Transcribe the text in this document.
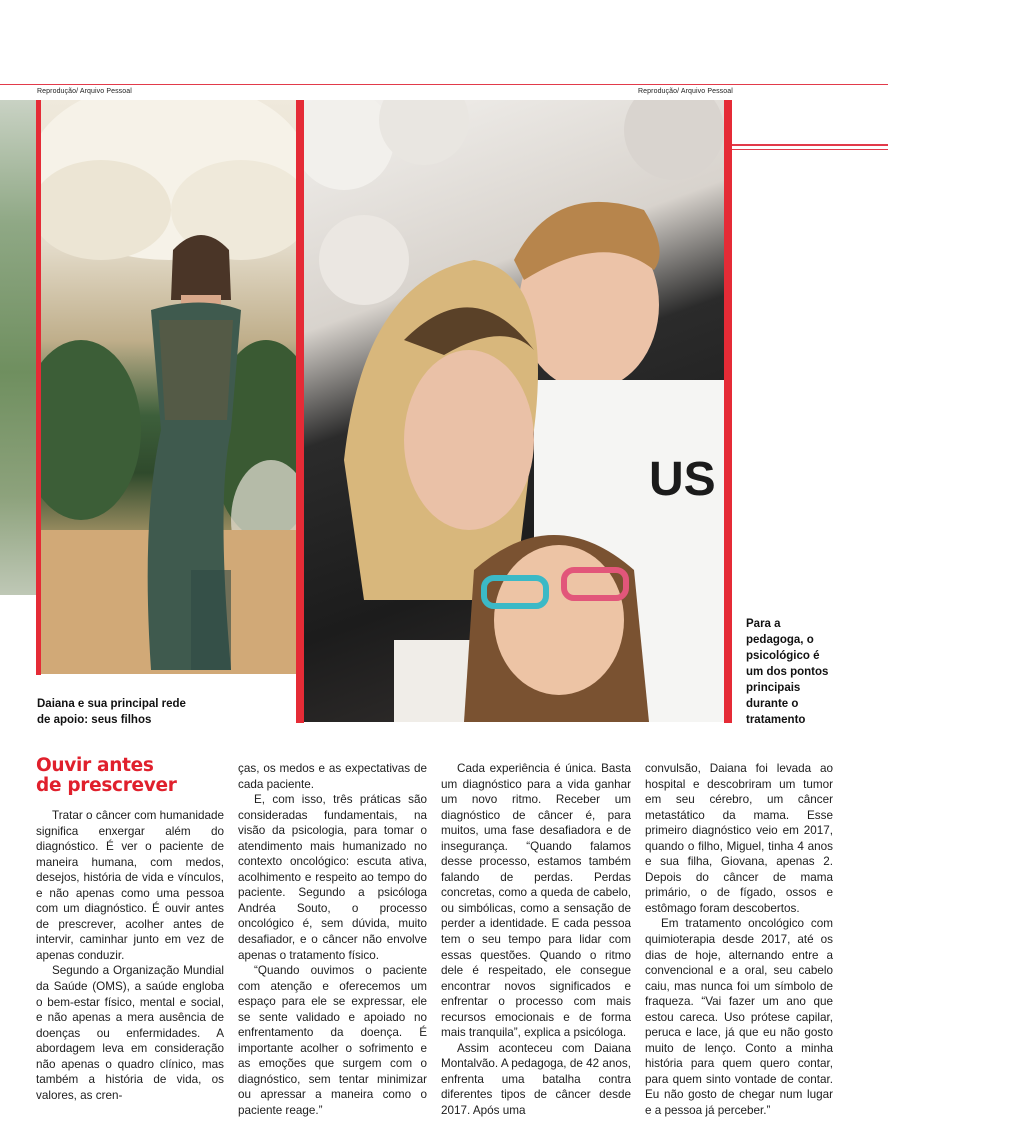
Reprodução/ Arquivo Pessoal	Reprodução/ Arquivo Pessoal
US
Daiana e sua principal rede
de apoio: seus filhos
Para a
pedagoga, o
psicológico é
um dos pontos
principais
durante o
tratamento
Ouvir antes
de prescrever

Tratar o câncer com humanidade significa enxergar além do diagnóstico. É ver o paciente de maneira humana, com medos, desejos, história de vida e vínculos, e não apenas como uma pessoa com um diagnóstico. É ouvir antes de prescrever, acolher antes de intervir, caminhar junto em vez de apenas conduzir.

Segundo a Organização Mundial da Saúde (OMS), a saúde engloba o bem-estar físico, mental e social, e não apenas a mera ausência de doenças ou enfermidades. A abordagem leva em consideração não apenas o quadro clínico, mas também a história de vida, os valores, as cren-

ças, os medos e as expectativas de cada paciente.

E, com isso, três práticas são consideradas fundamentais, na visão da psicologia, para tomar o atendimento mais humanizado no contexto oncológico: escuta ativa, acolhimento e respeito ao tempo do paciente. Segundo a psicóloga Andréa Souto, o processo oncológico é, sem dúvida, muito desafiador, e o câncer não envolve apenas o tratamento físico.

“Quando ouvimos o paciente com atenção e oferecemos um espaço para ele se expressar, ele se sente validado e apoiado no enfrentamento da doença. É importante acolher o sofrimento e as emoções que surgem com o diagnóstico, sem tentar minimizar ou apressar a maneira como o paciente reage.”

Cada experiência é única. Basta um diagnóstico para a vida ganhar um novo ritmo. Receber um diagnóstico de câncer é, para muitos, uma fase desafiadora e de insegurança. “Quando falamos desse processo, estamos também falando de perdas. Perdas concretas, como a queda de cabelo, ou simbólicas, como a sensação de perder a identidade. E cada pessoa tem o seu tempo para lidar com essas questões. Quando o ritmo dele é respeitado, ele consegue encontrar novos significados e enfrentar o processo com mais recursos emocionais e de forma mais tranquila”, explica a psicóloga.

Assim aconteceu com Daiana Montalvão. A pedagoga, de 42 anos, enfrenta uma batalha contra diferentes tipos de câncer desde 2017. Após uma

convulsão, Daiana foi levada ao hospital e descobriram um tumor em seu cérebro, um câncer metastático da mama. Esse primeiro diagnóstico veio em 2017, quando o filho, Miguel, tinha 4 anos e sua filha, Giovana, apenas 2. Depois do câncer de mama primário, o de fígado, ossos e estômago foram descobertos.

Em tratamento oncológico com quimioterapia desde 2017, até os dias de hoje, alternando entre a convencional e a oral, seu cabelo caiu, mas nunca foi um símbolo de fraqueza. “Vai fazer um ano que estou careca. Uso prótese capilar, peruca e lace, já que eu não gosto muito de lenço. Conto a minha história para quem quero contar, para quem sinto vontade de contar. Eu não gosto de chegar num lugar e a pessoa já perceber.”
